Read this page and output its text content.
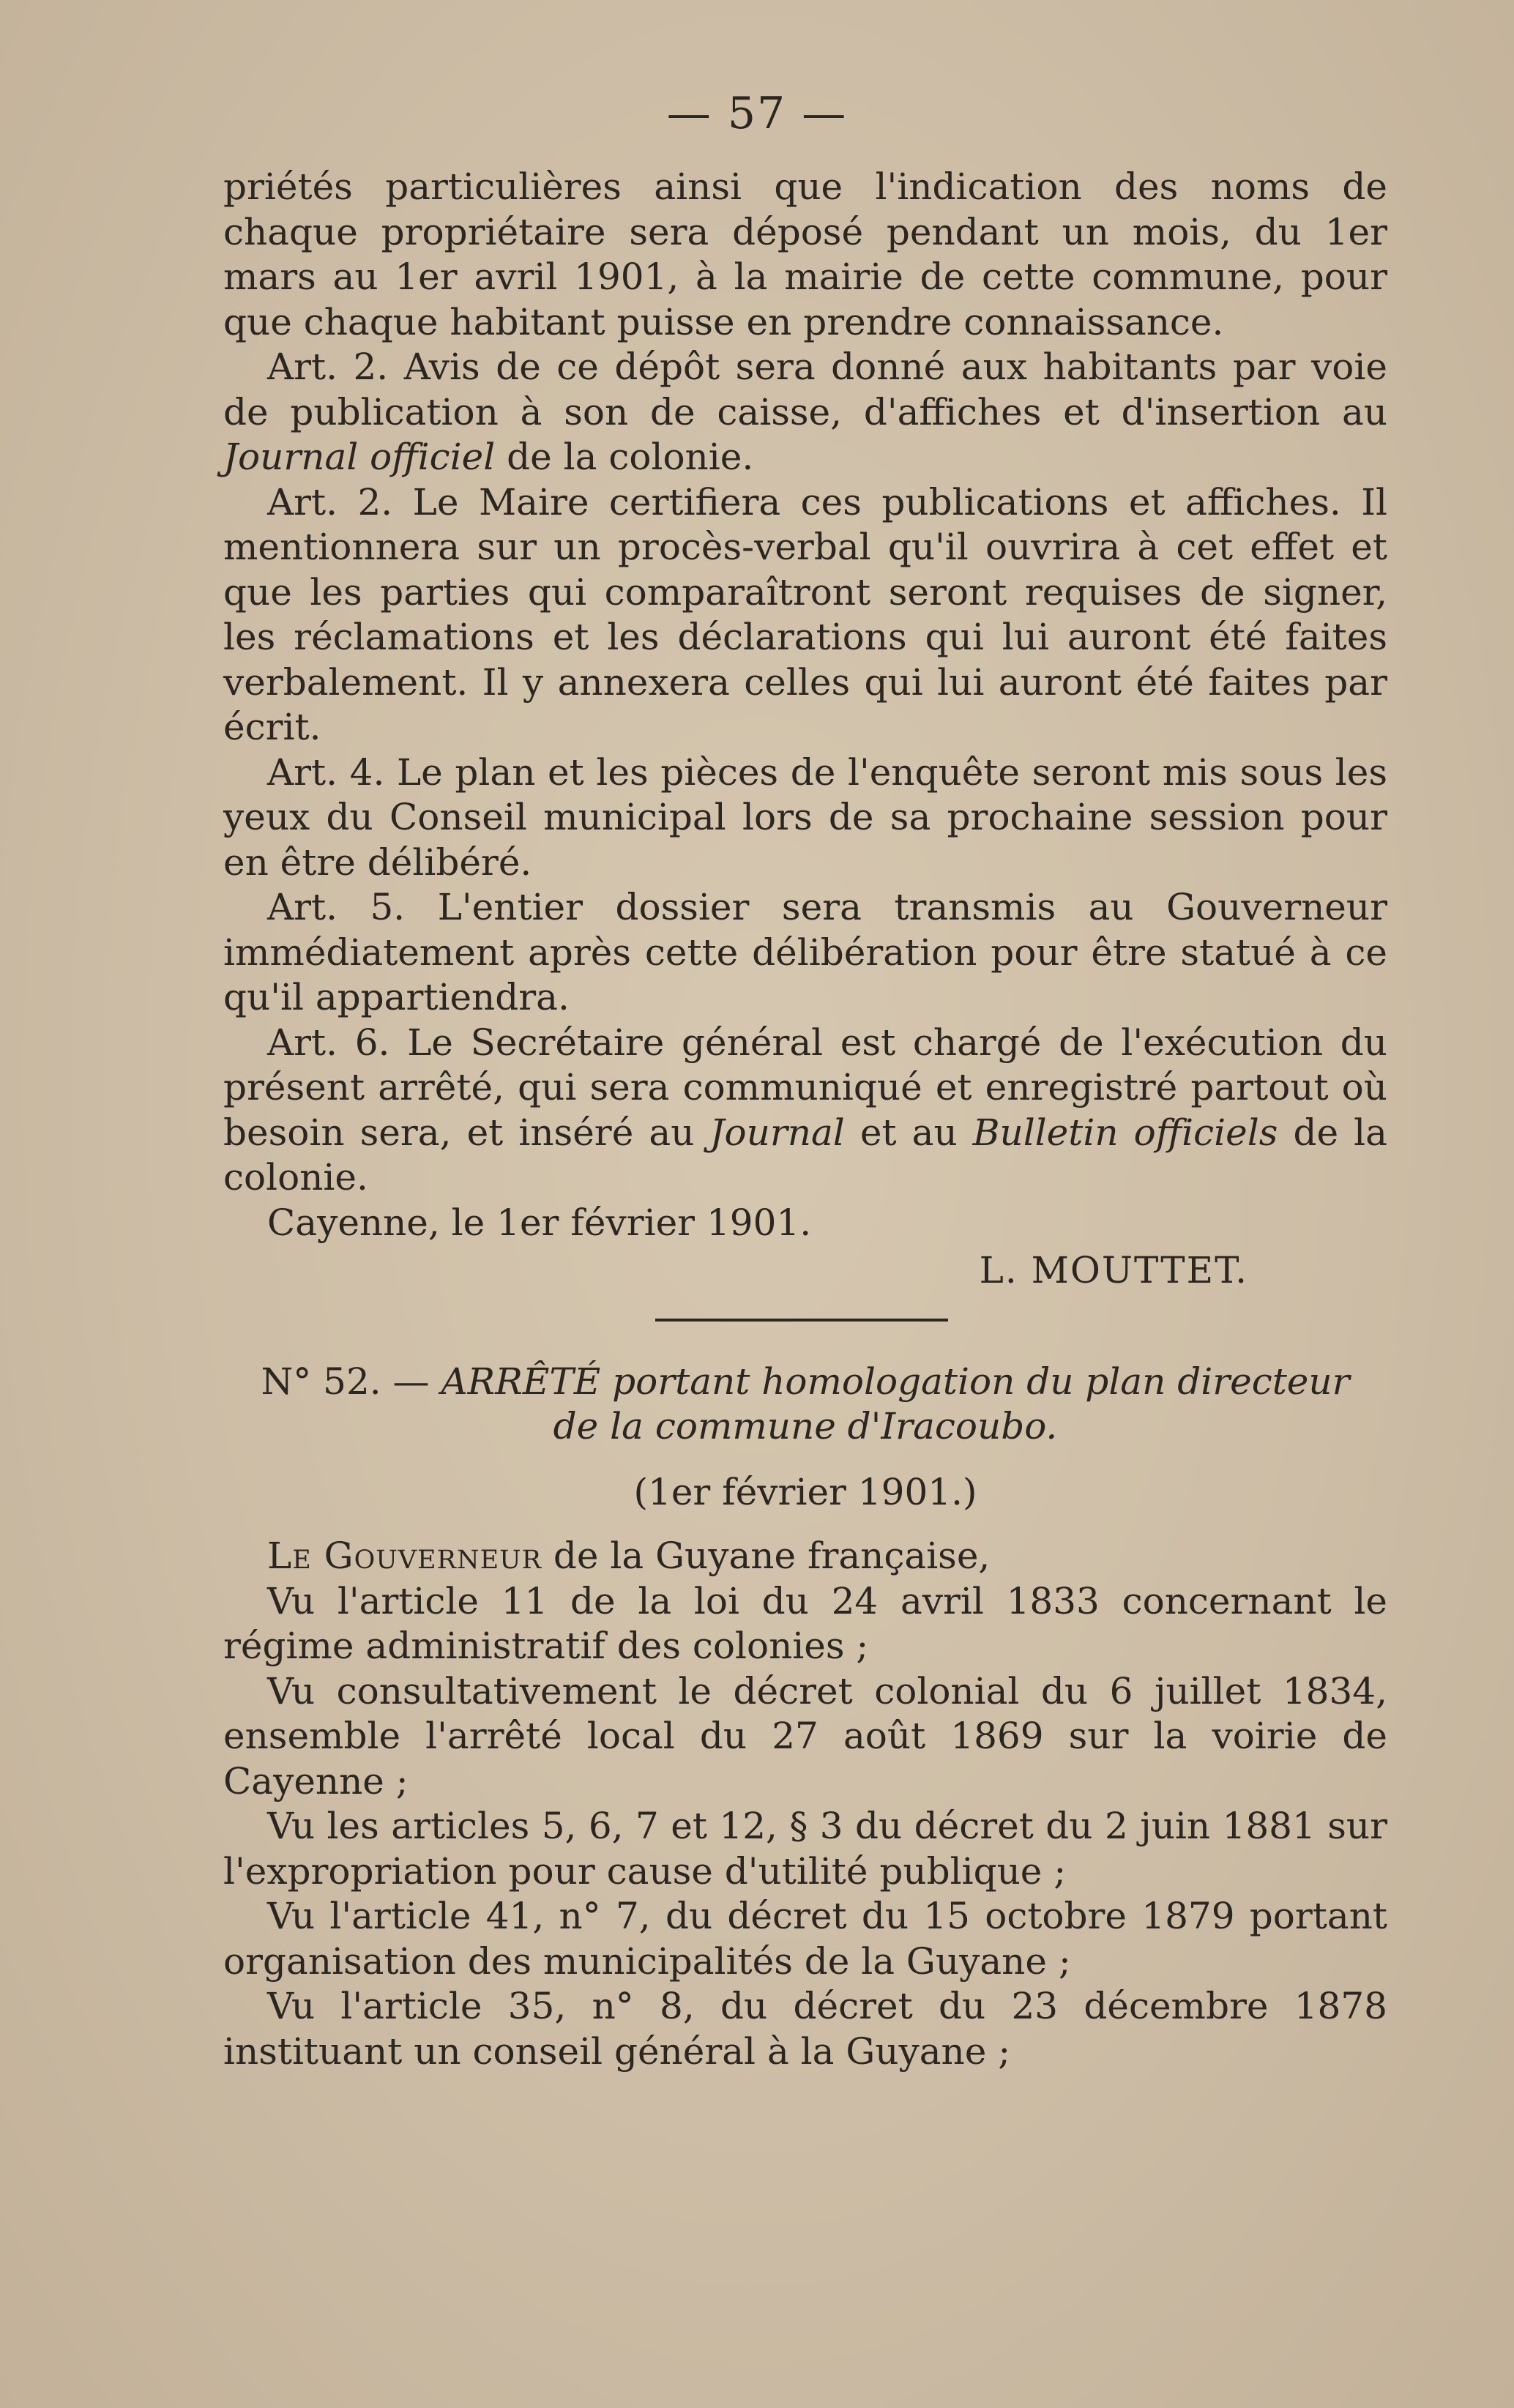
— 57 —

priétés particulières ainsi que l'indication des noms de chaque propriétaire sera déposé pendant un mois, du 1er mars au 1er avril 1901, à la mairie de cette commune, pour que chaque habitant puisse en prendre connaissance.

Art. 2. Avis de ce dépôt sera donné aux habitants par voie de publication à son de caisse, d'affiches et d'insertion au Journal officiel de la colonie.

Art. 2. Le Maire certifiera ces publications et affiches. Il mentionnera sur un procès-verbal qu'il ouvrira à cet effet et que les parties qui comparaîtront seront requises de signer, les réclamations et les déclarations qui lui auront été faites verbalement. Il y annexera celles qui lui auront été faites par écrit.

Art. 4. Le plan et les pièces de l'enquête seront mis sous les yeux du Conseil municipal lors de sa prochaine session pour en être délibéré.

Art. 5. L'entier dossier sera transmis au Gouverneur immédiatement après cette délibération pour être statué à ce qu'il appartiendra.

Art. 6. Le Secrétaire général est chargé de l'exécution du présent arrêté, qui sera communiqué et enregistré partout où besoin sera, et inséré au Journal et au Bulletin officiels de la colonie.

Cayenne, le 1er février 1901.

L. MOUTTET.

N° 52. — ARRÊTÉ portant homologation du plan directeur

de la commune d'Iracoubo.

(1er février 1901.)

Le Gouverneur de la Guyane française,

Vu l'article 11 de la loi du 24 avril 1833 concernant le régime administratif des colonies ;

Vu consultativement le décret colonial du 6 juillet 1834, ensemble l'arrêté local du 27 août 1869 sur la voirie de Cayenne ;

Vu les articles 5, 6, 7 et 12, § 3 du décret du 2 juin 1881 sur l'expropriation pour cause d'utilité publique ;

Vu l'article 41, n° 7, du décret du 15 octobre 1879 portant organisation des municipalités de la Guyane ;

Vu l'article 35, n° 8, du décret du 23 décembre 1878 instituant un conseil général à la Guyane ;
